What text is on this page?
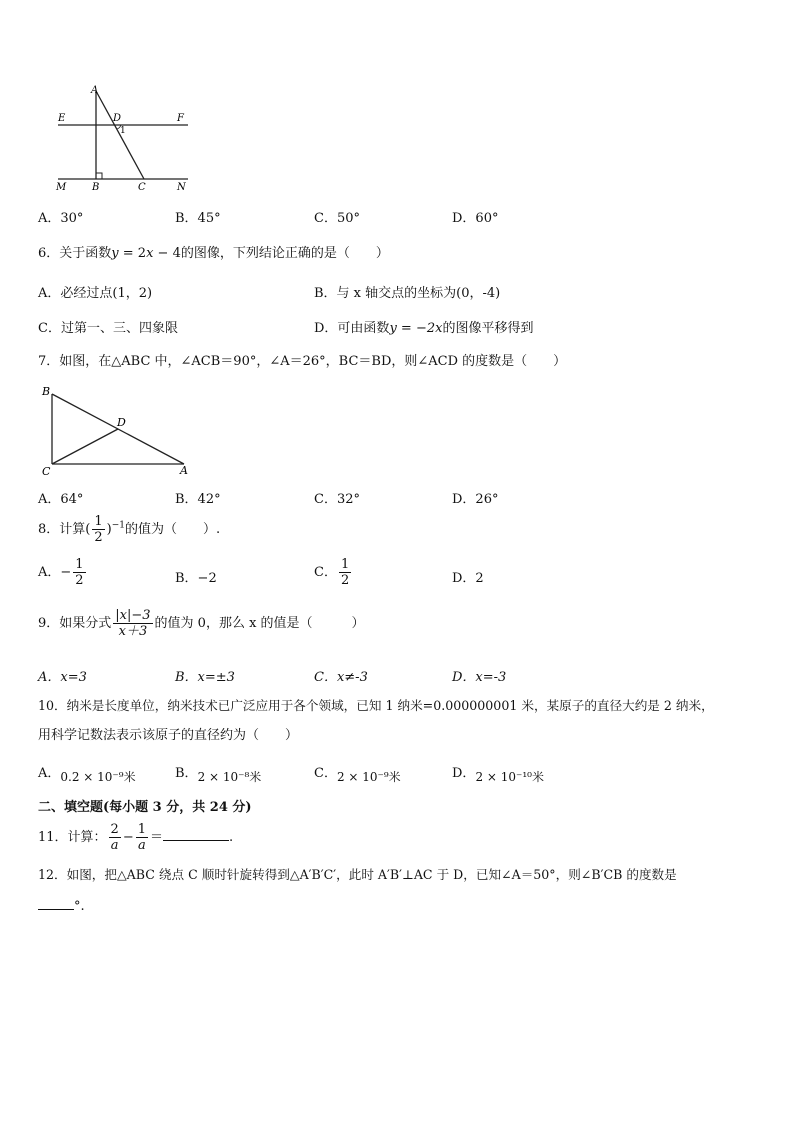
A
D
E	F
1
M	B	C	N
A．30°	B．45°	C．50°	D．60°
6．关于函数y = 2x − 4的图像，下列结论正确的是（　　）
A．必经过点(1，2)	B．与 x 轴交点的坐标为(0，-4)
C．过第一、三、四象限	D．可由函数y = −2x的图像平移得到
7．如图，在△ABC 中，∠ACB＝90°，∠A＝26°，BC＝BD，则∠ACD 的度数是（　　）
B
D
C	A
A．64°	B．42°	C．32°	D．26°
8．计算( $\frac{1}{2} )^{-1}$的值为（　　）.
A．− $\frac{1}{2}$	B．−2	C． $\frac{1}{2}$	D．2
9．如果分式 $\frac{|x|-3}{x+3}$ 的值为 0，那么 x 的值是（　　　）
A．x=3	B．x=±3	C．x≠-3	D．x=-3
10．纳米是长度单位，纳米技术已广泛应用于各个领域，已知 1 纳米=0.000000001 米，某原子的直径大约是 2 纳米，
用科学记数法表示该原子的直径约为（　　）
A．0.2 × 10⁻⁹米	B．2 × 10⁻⁸米	C．2 × 10⁻⁹米	D．2 × 10⁻¹⁰米
二、填空题(每小题 3 分，共 24 分)
11．计算： $\frac{2}{a} - \frac{1}{a}$ ＝	.
12．如图，把△ABC 绕点 C 顺时针旋转得到△A′B′C′，此时 A′B′⊥AC 于 D，已知∠A＝50°，则∠B′CB 的度数是
°.
